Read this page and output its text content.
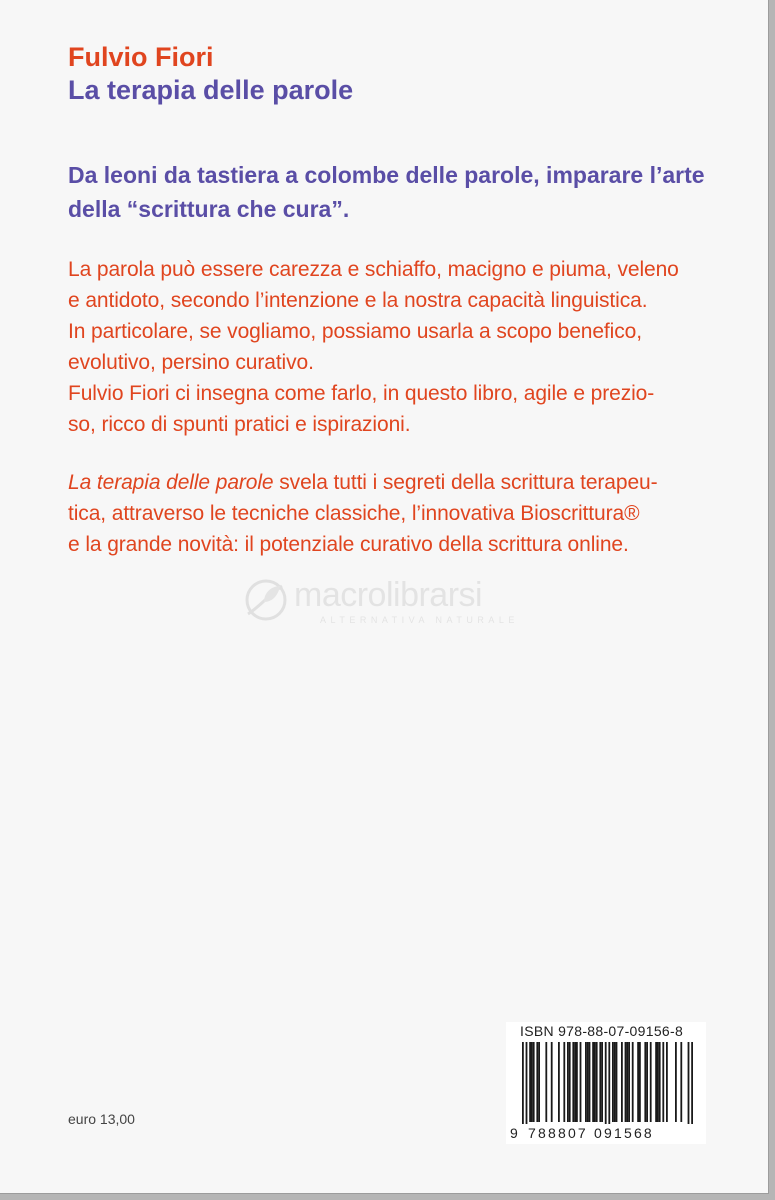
Fulvio Fiori
La terapia delle parole

Da leoni da tastiera a colombe delle parole, imparare l’arte
della “scrittura che cura”.

La parola può essere carezza e schiaffo, macigno e piuma, veleno
e antidoto, secondo l’intenzione e la nostra capacità linguistica.
In particolare, se vogliamo, possiamo usarla a scopo benefico,
evolutivo, persino curativo.
Fulvio Fiori ci insegna come farlo, in questo libro, agile e prezio-
so, ricco di spunti pratici e ispirazioni.

La terapia delle parole svela tutti i segreti della scrittura terapeu-
tica, attraverso le tecniche classiche, l’innovativa Bioscrittura®
e la grande novità: il potenziale curativo della scrittura online.

macrolibrarsi
ALTERNATIVA NATURALE
ISBN 978-88-07-09156-8
9 788807 091568

euro 13,00
